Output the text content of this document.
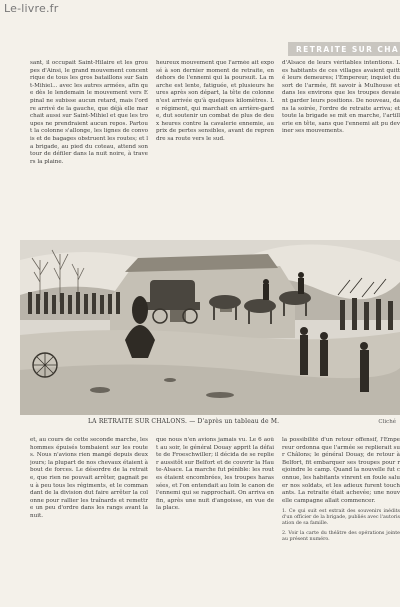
Le-livre.fr
RETRAITE SUR CHA
sant, il occupait Saint-Hilaire et les groupes d'Ainsi, le grand mouvement concentrique de tous les gros bataillons sur Saint-Mihiel... avec les autres armées, afin que dès le lendemain le mouvement vers Epinal ne subisse aucun retard, mais l'ordre arrivé de la gauche, que déjà elle marchait aussi sur Saint-Mihiel et que les troupes ne prendraient aucun repos. Partout la colonne s'allonge, les lignes de convois et de bagages obstruent les routes; et la brigade, au pied du coteau, attend son tour de défiler dans la nuit noire, à travers la plaine.
heureux mouvement que l'armée ait exposé à son dernier moment de retraite, en dehors de l'ennemi qui la poursuit. La marche est lente, fatiguée, et plusieurs heures après son départ, la tête de colonne n'est arrivée qu'à quelques kilomètres. Le régiment, qui marchait en arrière-garde, dut soutenir un combat de plus de deux heures contre la cavalerie ennemie, au prix de pertes sensibles, avant de reprendre sa route vers le sud.
d'Alsace de leurs véritables intentions. Les habitants de ces villages avaient quitté leurs demeures; l'Empereur, inquiet du sort de l'armée, fit savoir à Mulhouse et dans les environs que les troupes devaient garder leurs positions. De nouveau, dans la soirée, l'ordre de retraite arriva; et toute la brigade se mit en marche, l'artillerie en tête, sans que l'ennemi ait pu deviner ses mouvements.
LA RETRAITE SUR CHALONS. — D'après un tableau de M.	Cliché
et, au cours de cette seconde marche, les hommes épuisés tombaient sur les routes. Nous n'avions rien mangé depuis deux jours; la plupart de nos chevaux étaient à bout de forces. Le désordre de la retraite, que rien ne pouvait arrêter, gagnait peu à peu tous les régiments, et le commandant de la division dut faire arrêter la colonne pour rallier les traînards et remettre un peu d'ordre dans les rangs avant la nuit.
que nous n'en avions jamais vu. Le 6 août au soir, le général Douay apprit la défaite de Froeschwiller; il décida de se replier aussitôt sur Belfort et de couvrir la Haute-Alsace. La marche fut pénible: les routes étaient encombrées, les troupes harassées, et l'on entendait au loin le canon de l'ennemi qui se rapprochait. On arriva enfin, après une nuit d'angoisse, en vue de la place.
la possibilité d'un retour offensif, l'Empereur ordonna que l'armée se replierait sur Châlons; le général Douay, de retour à Belfort, fit embarquer ses troupes pour rejoindre le camp. Quand la nouvelle fut connue, les habitants vinrent en foule saluer nos soldats, et les adieux furent touchants. La retraite était achevée; une nouvelle campagne allait commencer.
1. Ce qui suit est extrait des souvenirs inédits d'un officier de la brigade, publiés avec l'autorisation de sa famille.
2. Voir la carte du théâtre des opérations jointe au présent numéro.
